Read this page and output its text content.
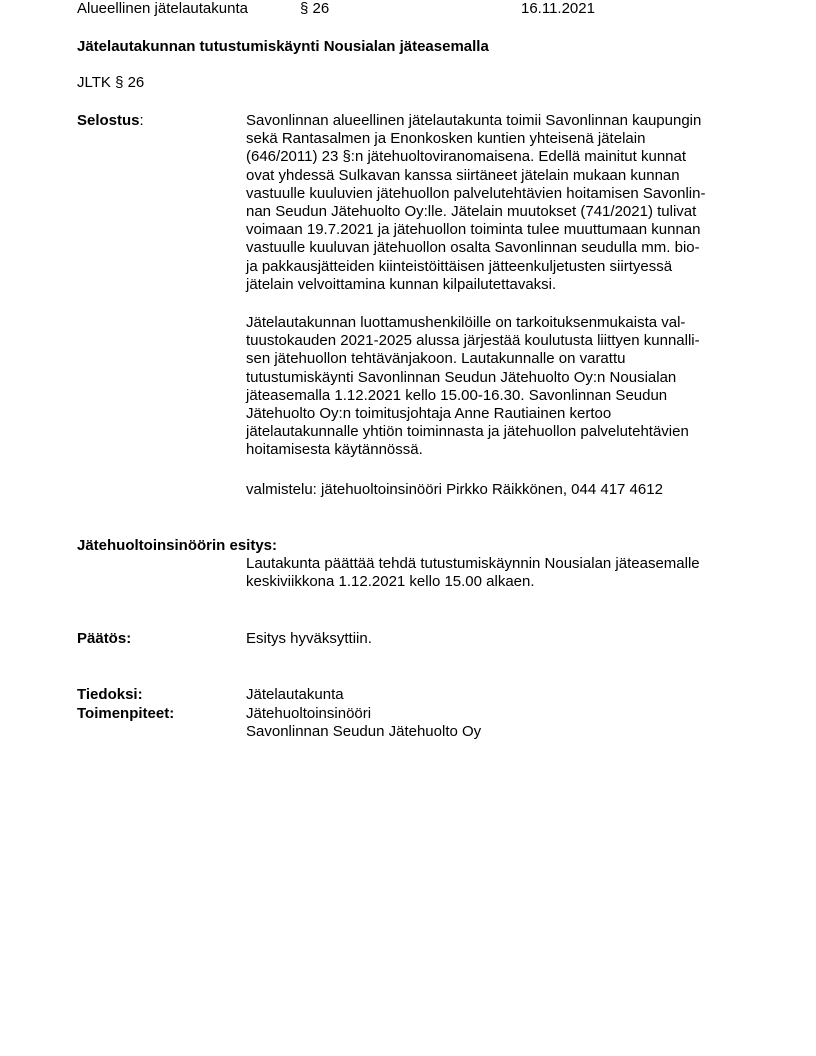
Alueellinen jätelautakunta	§ 26	16.11.2021
Jätelautakunnan tutustumiskäynti Nousialan jäteasemalla
JLTK § 26
Selostus:	Savonlinnan alueellinen jätelautakunta toimii Savonlinnan kaupungin
sekä Rantasalmen ja Enonkosken kuntien yhteisenä jätelain
(646/2011) 23 §:n jätehuoltoviranomaisena. Edellä mainitut kunnat
ovat yhdessä Sulkavan kanssa siirtäneet jätelain mukaan kunnan
vastuulle kuuluvien jätehuollon palvelutehtävien hoitamisen Savonlin-
nan Seudun Jätehuolto Oy:lle. Jätelain muutokset (741/2021) tulivat
voimaan 19.7.2021 ja jätehuollon toiminta tulee muuttumaan kunnan
vastuulle kuuluvan jätehuollon osalta Savonlinnan seudulla mm. bio-
ja pakkausjätteiden kiinteistöittäisen jätteenkuljetusten siirtyessä
jätelain velvoittamina kunnan kilpailutettavaksi.
Jätelautakunnan luottamushenkilöille on tarkoituksenmukaista val-
tuustokauden 2021-2025 alussa järjestää koulutusta liittyen kunnalli-
sen jätehuollon tehtävänjakoon. Lautakunnalle on varattu
tutustumiskäynti Savonlinnan Seudun Jätehuolto Oy:n Nousialan
jäteasemalla 1.12.2021 kello 15.00-16.30. Savonlinnan Seudun
Jätehuolto Oy:n toimitusjohtaja Anne Rautiainen kertoo
jätelautakunnalle yhtiön toiminnasta ja jätehuollon palvelutehtävien
hoitamisesta käytännössä.
valmistelu: jätehuoltoinsinööri Pirkko Räikkönen, 044 417 4612
Jätehuoltoinsinöörin esitys:
Lautakunta päättää tehdä tutustumiskäynnin Nousialan jäteasemalle
keskiviikkona 1.12.2021 kello 15.00 alkaen.
Päätös:	Esitys hyväksyttiin.
Tiedoksi:	Jätelautakunta
Toimenpiteet:	Jätehuoltoinsinööri
Savonlinnan Seudun Jätehuolto Oy
